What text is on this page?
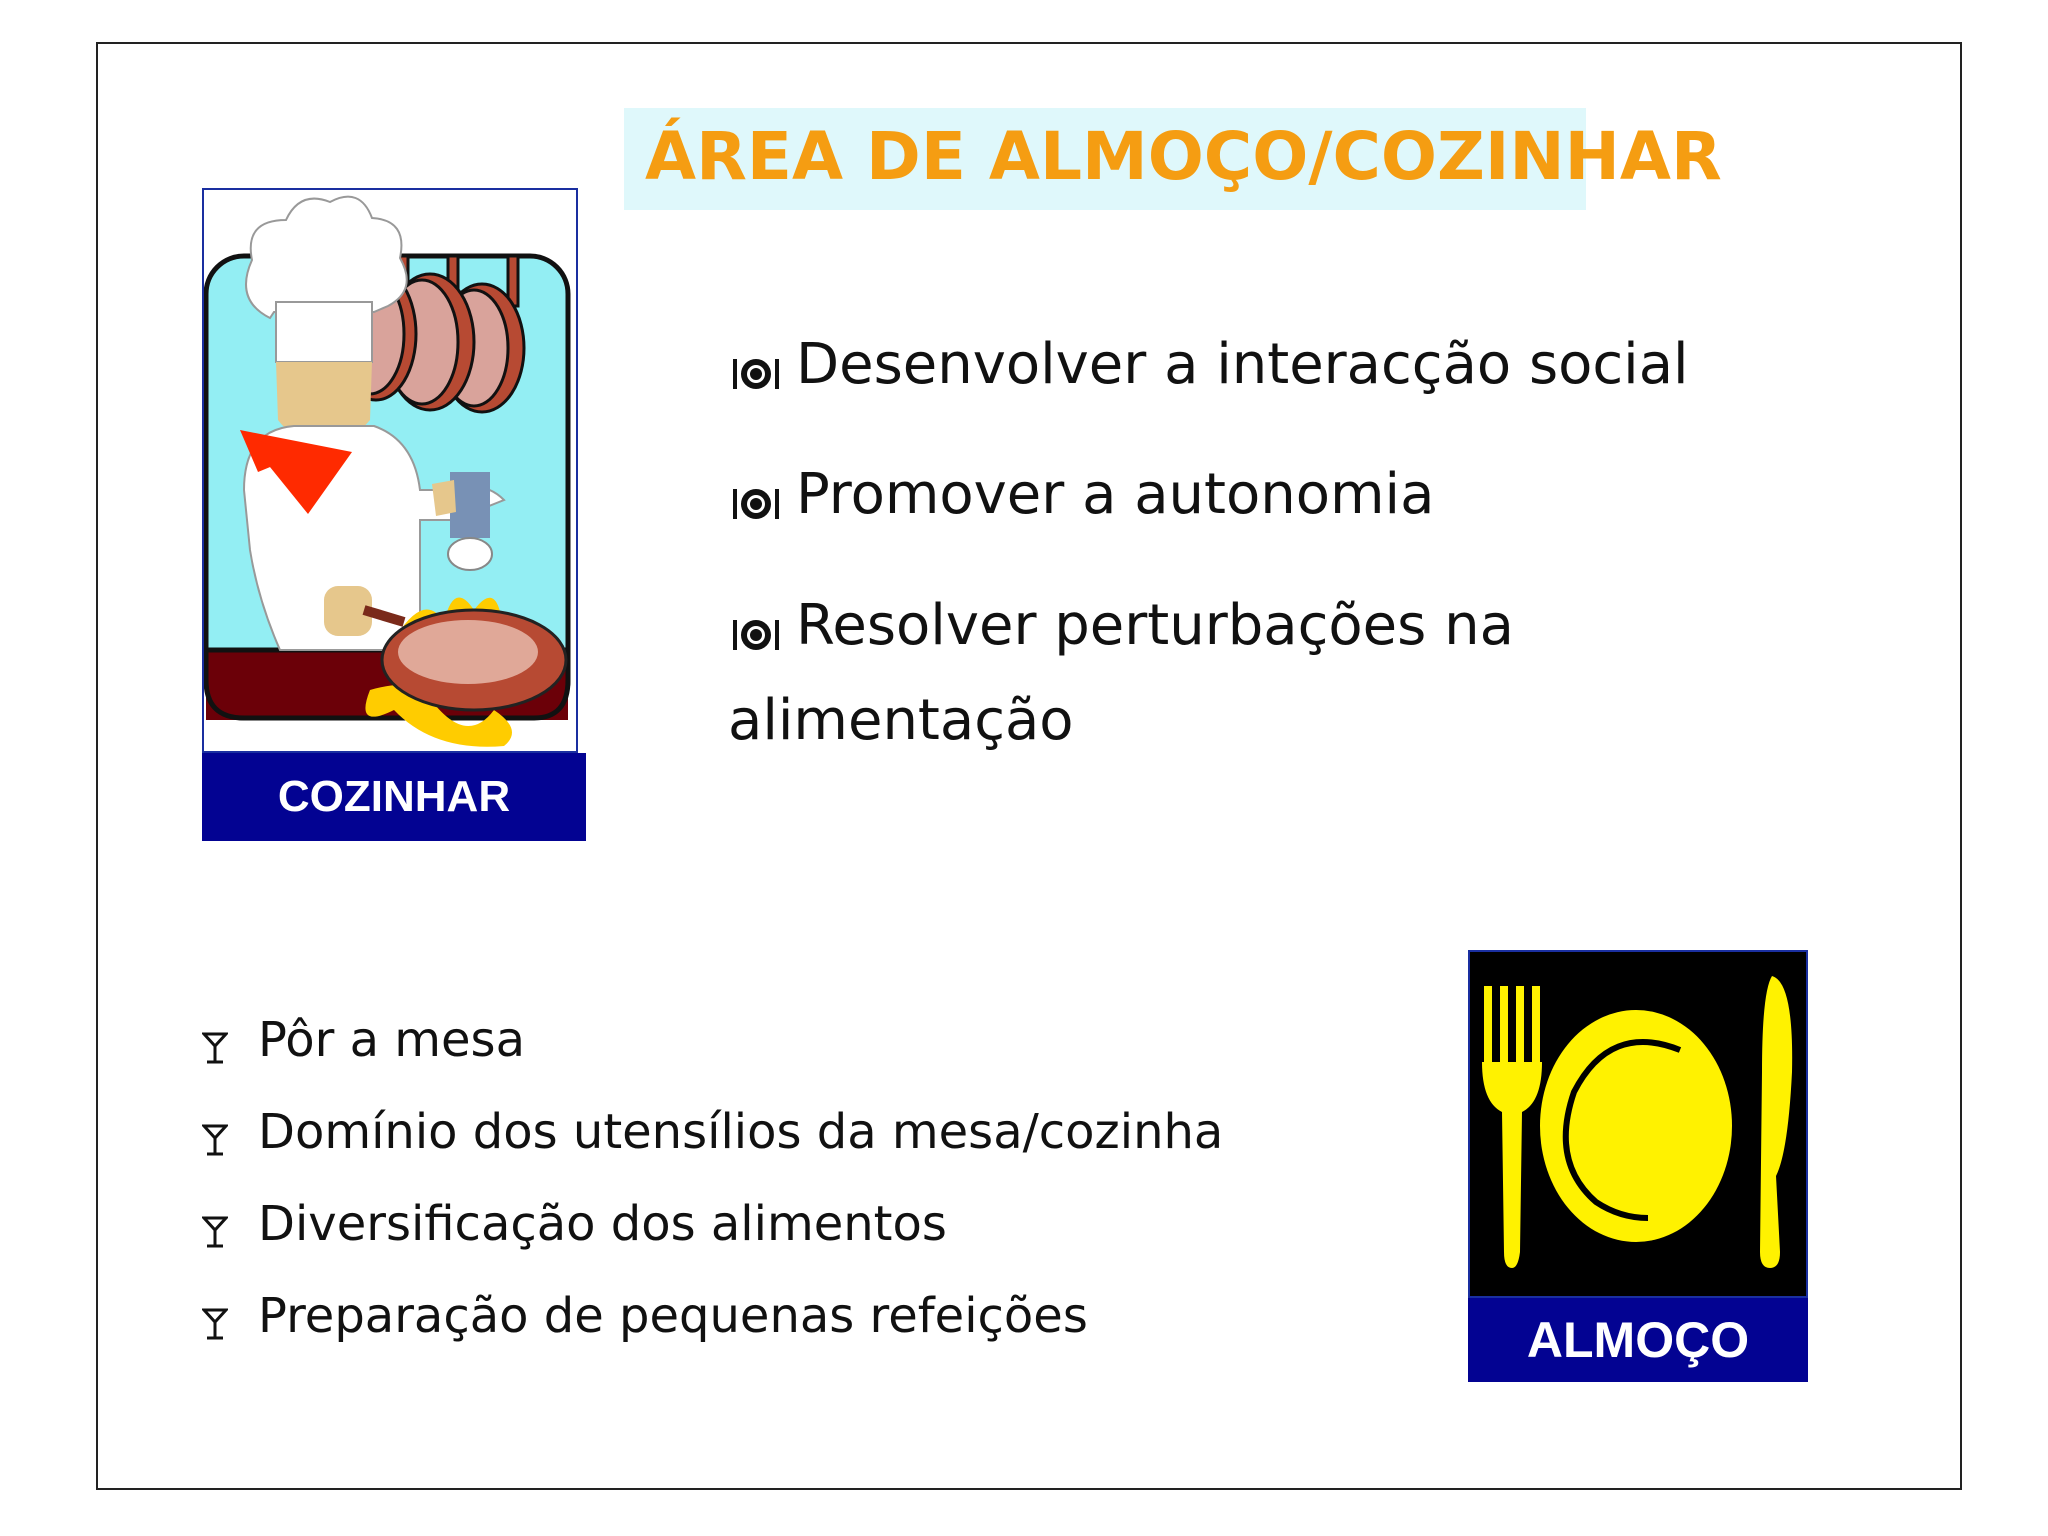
ÁREA DE ALMOÇO/COZINHAR
COZINHAR
Desenvolver a interacção social
Promover a autonomia
Resolver perturbações na
alimentação
Pôr a mesa
Domínio dos utensílios da mesa/cozinha
Diversificação dos alimentos
Preparação de pequenas refeições	ALMOÇO
